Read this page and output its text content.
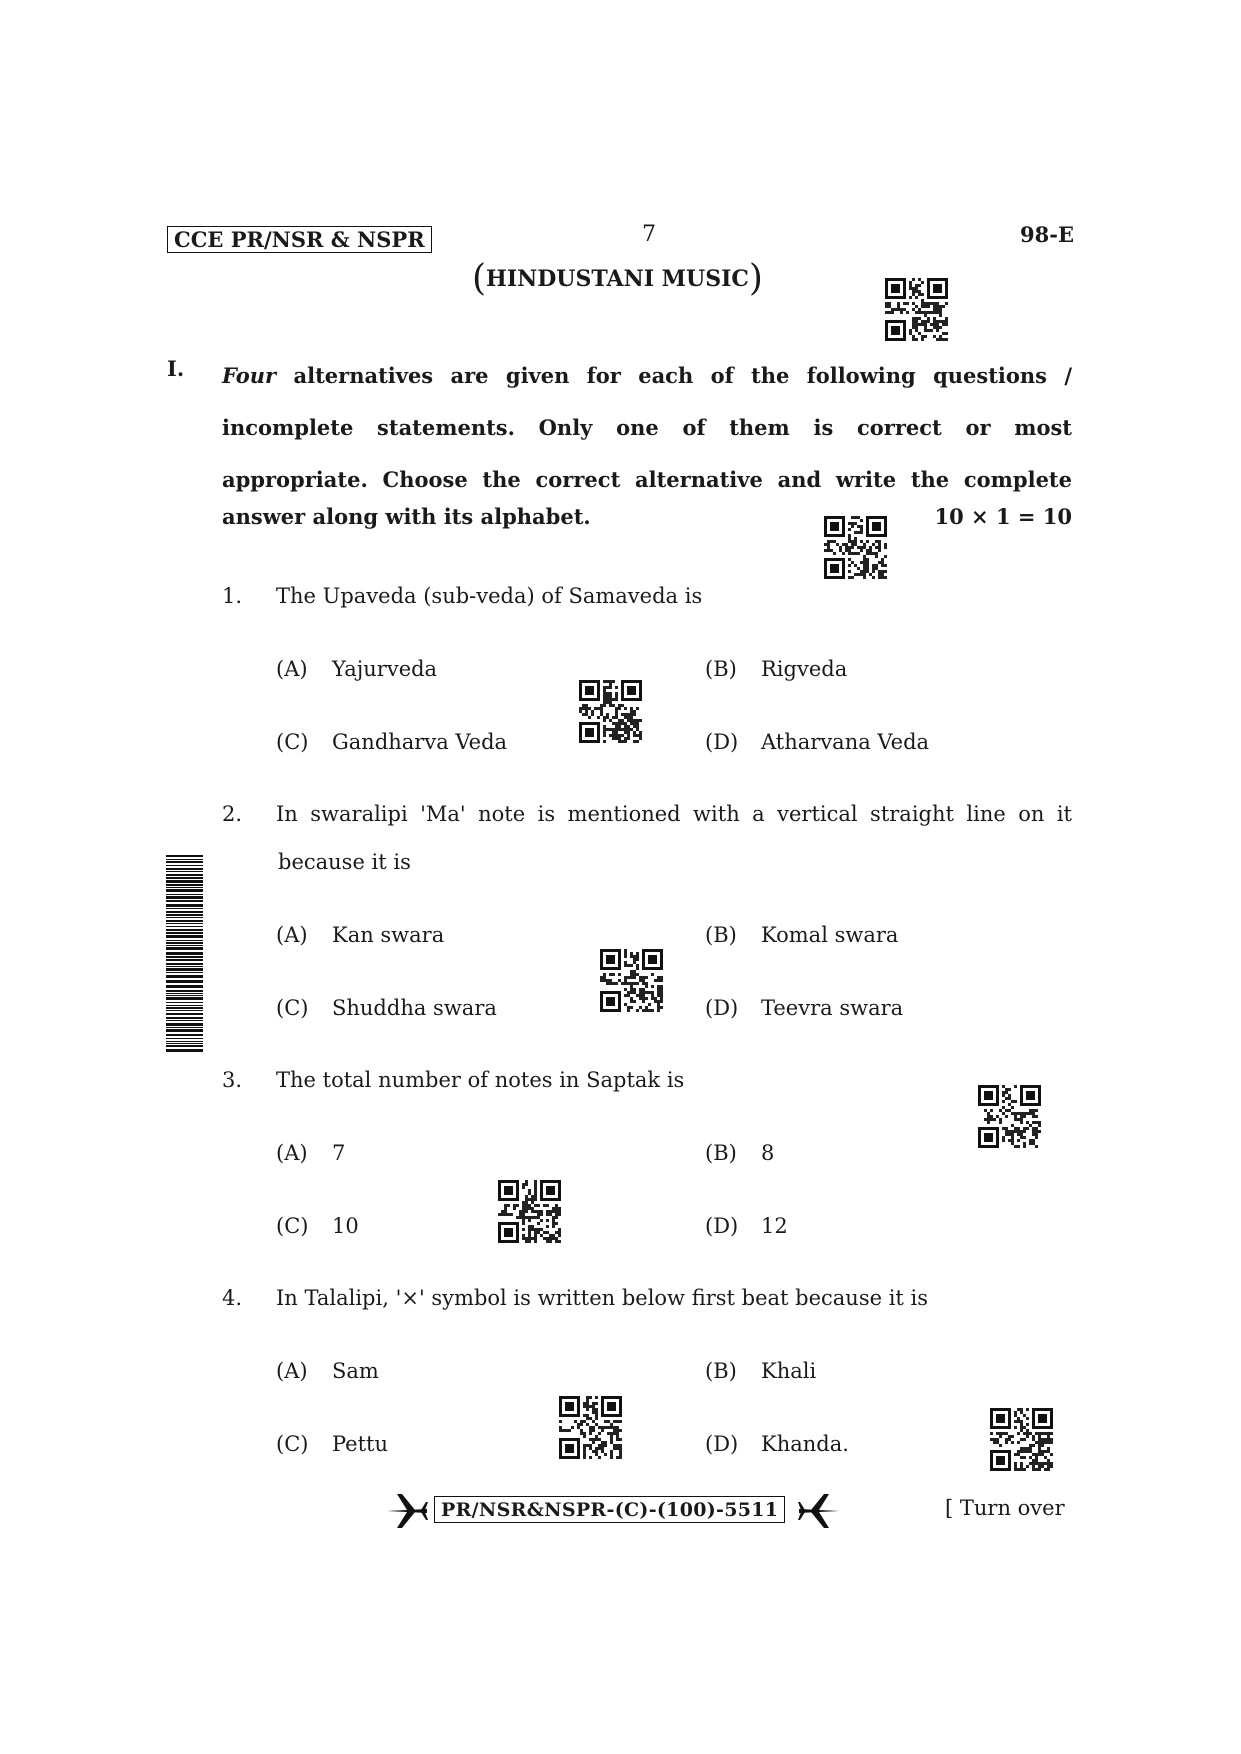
CCE PR/NSR & NSPR	7	98-E
(HINDUSTANI MUSIC)
I. Four alternatives are given for each of the following questions /
incomplete statements. Only one of them is correct or most
appropriate. Choose the correct alternative and write the complete
answer along with its alphabet.	10 × 1 = 10
1. The Upaveda (sub-veda) of Samaveda is
(A) Yajurveda	(B) Rigveda
(C) Gandharva Veda	(D) Atharvana Veda
2. In swaralipi 'Ma' note is mentioned with a vertical straight line on it
because it is
(A) Kan swara	(B) Komal swara
(C) Shuddha swara	(D) Teevra swara
3. The total number of notes in Saptak is
(A) 7	(B) 8
(C) 10	(D) 12
4. In Talalipi, '×' symbol is written below first beat because it is
(A) Sam	(B) Khali
(C) Pettu	(D) Khanda.
PR/NSR&NSPR-(C)-(100)-5511	[ Turn over
